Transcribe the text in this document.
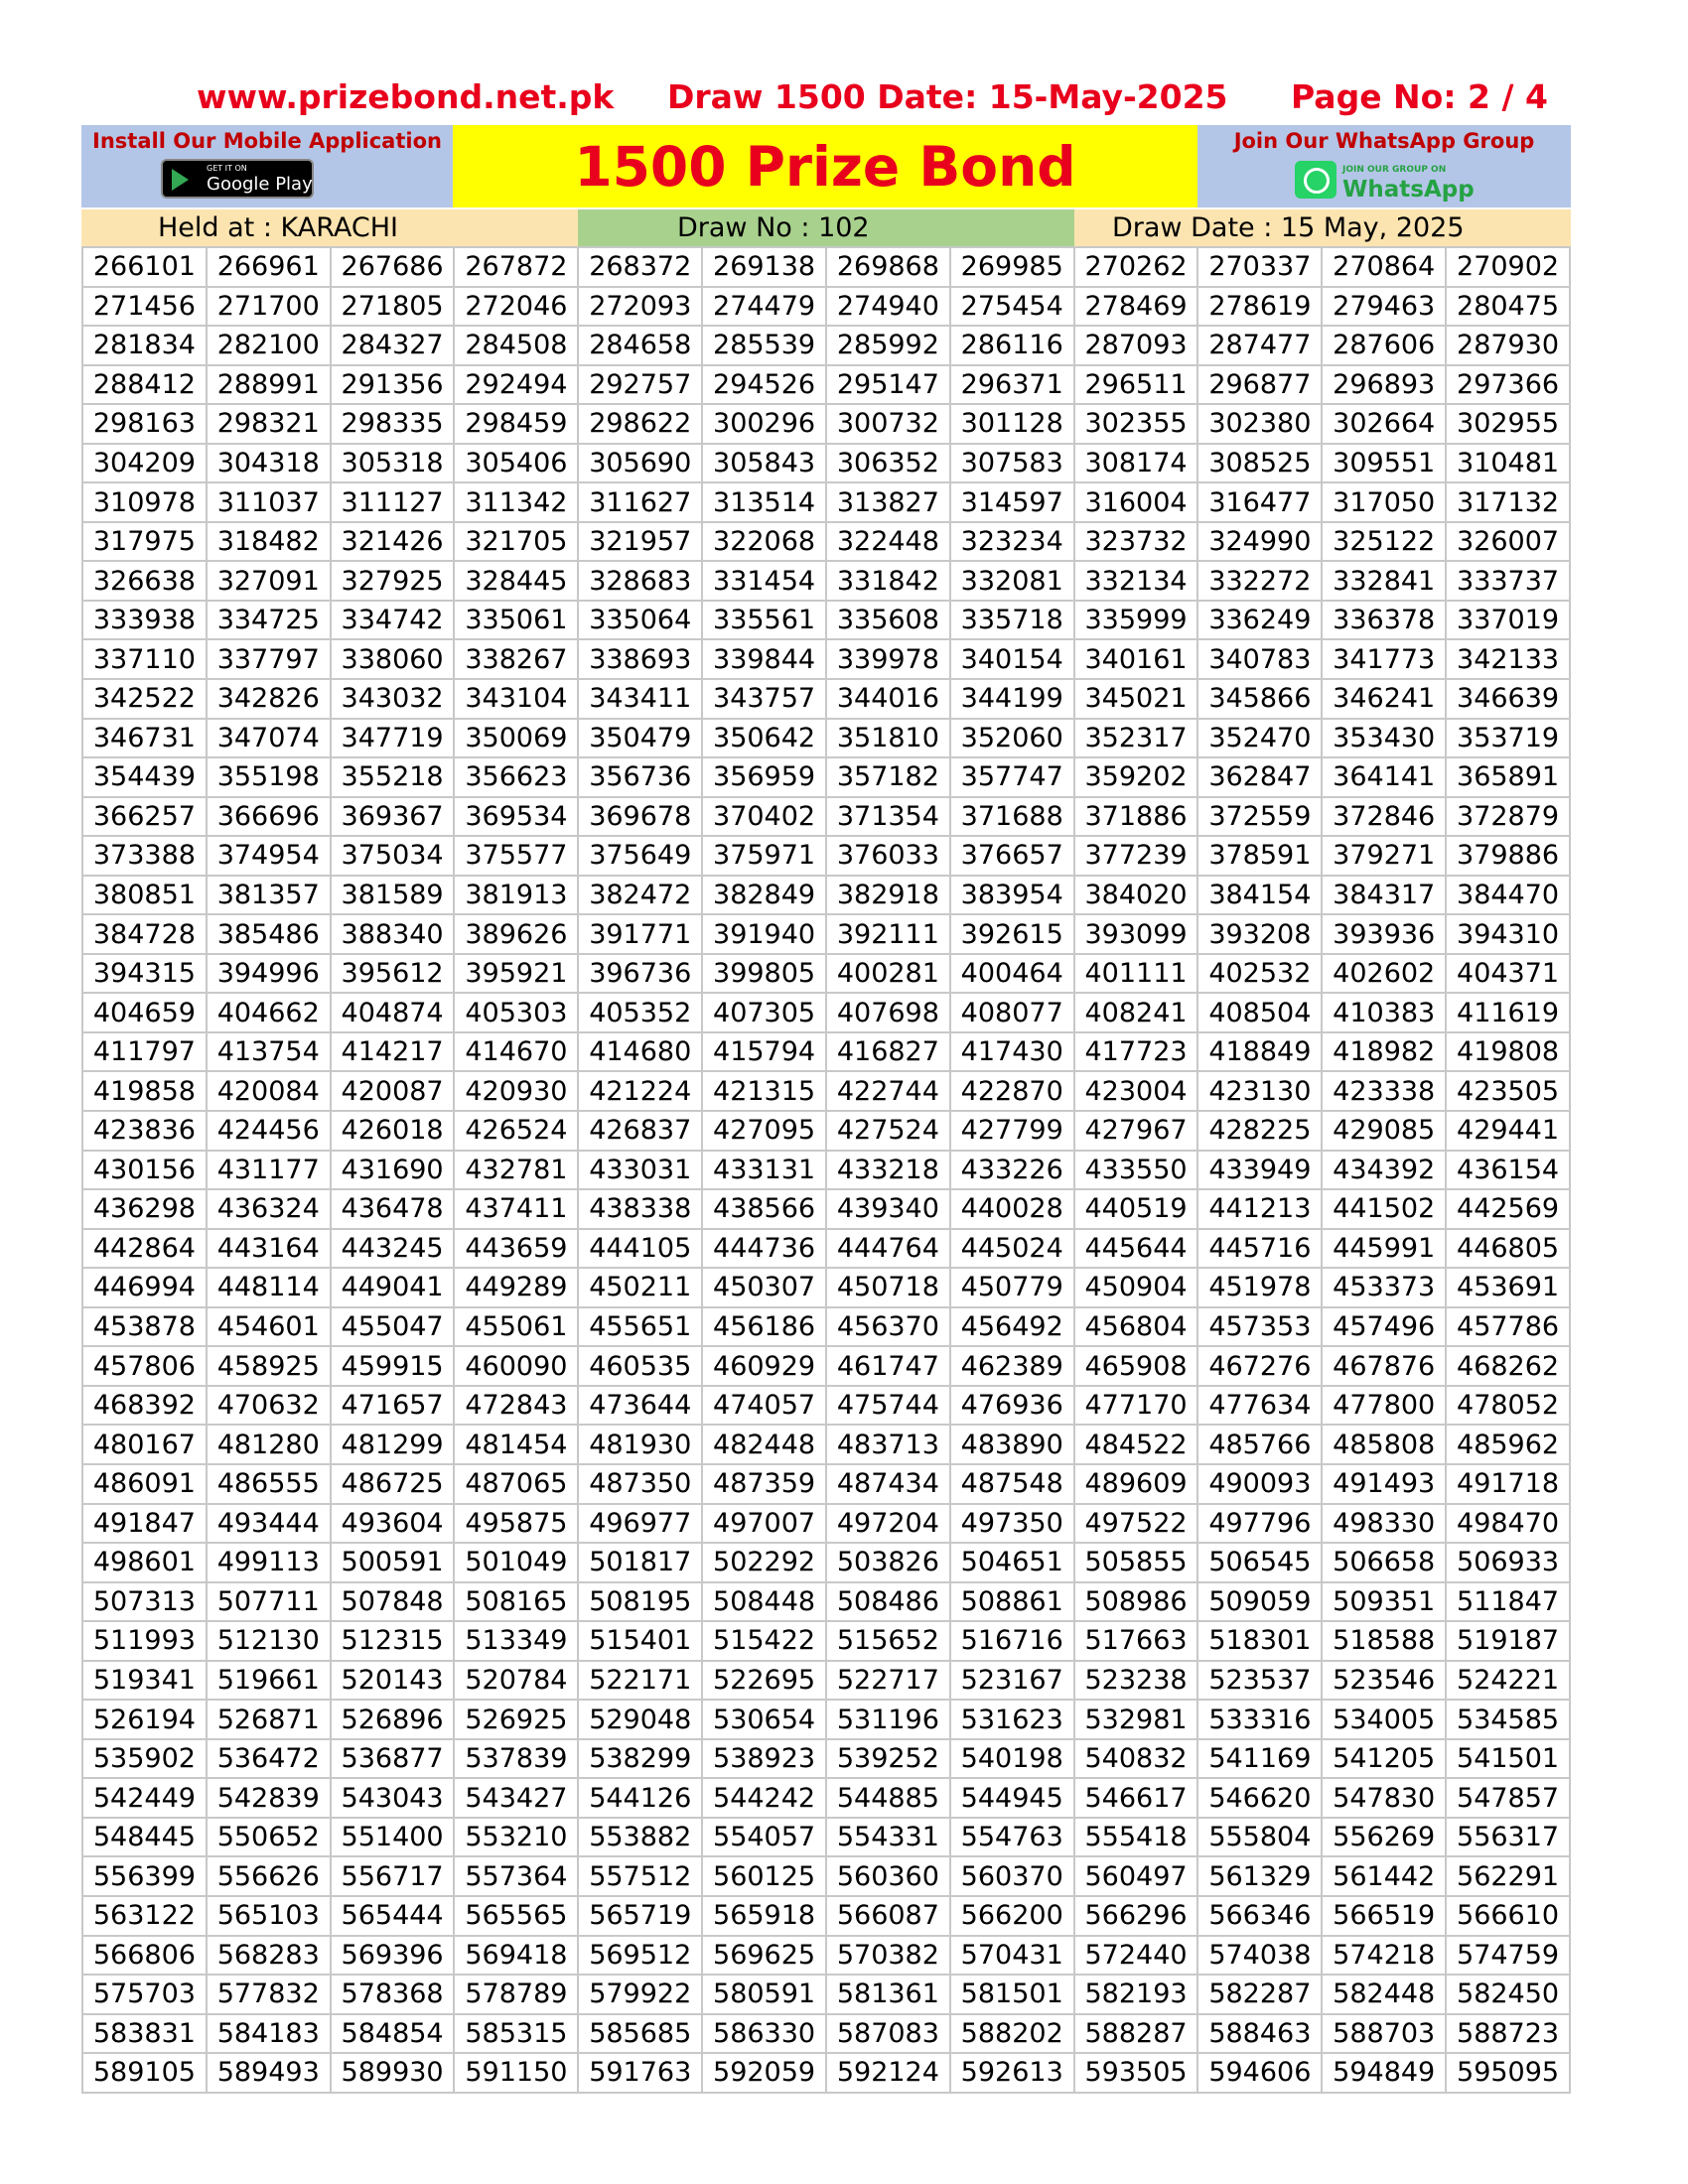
www.prizebond.net.pk Draw 1500 Date: 15-May-2025 Page No: 2 / 4
Install Our Mobile Application
GET IT ON
Google Play	1500 Prize Bond	Join Our WhatsApp Group
JOIN OUR GROUP ON
WhatsApp
Held at : KARACHI	Draw No : 102	Draw Date : 15 May, 2025
266101	266961	267686	267872	268372	269138	269868	269985	270262	270337	270864	270902
271456	271700	271805	272046	272093	274479	274940	275454	278469	278619	279463	280475
281834	282100	284327	284508	284658	285539	285992	286116	287093	287477	287606	287930
288412	288991	291356	292494	292757	294526	295147	296371	296511	296877	296893	297366
298163	298321	298335	298459	298622	300296	300732	301128	302355	302380	302664	302955
304209	304318	305318	305406	305690	305843	306352	307583	308174	308525	309551	310481
310978	311037	311127	311342	311627	313514	313827	314597	316004	316477	317050	317132
317975	318482	321426	321705	321957	322068	322448	323234	323732	324990	325122	326007
326638	327091	327925	328445	328683	331454	331842	332081	332134	332272	332841	333737
333938	334725	334742	335061	335064	335561	335608	335718	335999	336249	336378	337019
337110	337797	338060	338267	338693	339844	339978	340154	340161	340783	341773	342133
342522	342826	343032	343104	343411	343757	344016	344199	345021	345866	346241	346639
346731	347074	347719	350069	350479	350642	351810	352060	352317	352470	353430	353719
354439	355198	355218	356623	356736	356959	357182	357747	359202	362847	364141	365891
366257	366696	369367	369534	369678	370402	371354	371688	371886	372559	372846	372879
373388	374954	375034	375577	375649	375971	376033	376657	377239	378591	379271	379886
380851	381357	381589	381913	382472	382849	382918	383954	384020	384154	384317	384470
384728	385486	388340	389626	391771	391940	392111	392615	393099	393208	393936	394310
394315	394996	395612	395921	396736	399805	400281	400464	401111	402532	402602	404371
404659	404662	404874	405303	405352	407305	407698	408077	408241	408504	410383	411619
411797	413754	414217	414670	414680	415794	416827	417430	417723	418849	418982	419808
419858	420084	420087	420930	421224	421315	422744	422870	423004	423130	423338	423505
423836	424456	426018	426524	426837	427095	427524	427799	427967	428225	429085	429441
430156	431177	431690	432781	433031	433131	433218	433226	433550	433949	434392	436154
436298	436324	436478	437411	438338	438566	439340	440028	440519	441213	441502	442569
442864	443164	443245	443659	444105	444736	444764	445024	445644	445716	445991	446805
446994	448114	449041	449289	450211	450307	450718	450779	450904	451978	453373	453691
453878	454601	455047	455061	455651	456186	456370	456492	456804	457353	457496	457786
457806	458925	459915	460090	460535	460929	461747	462389	465908	467276	467876	468262
468392	470632	471657	472843	473644	474057	475744	476936	477170	477634	477800	478052
480167	481280	481299	481454	481930	482448	483713	483890	484522	485766	485808	485962
486091	486555	486725	487065	487350	487359	487434	487548	489609	490093	491493	491718
491847	493444	493604	495875	496977	497007	497204	497350	497522	497796	498330	498470
498601	499113	500591	501049	501817	502292	503826	504651	505855	506545	506658	506933
507313	507711	507848	508165	508195	508448	508486	508861	508986	509059	509351	511847
511993	512130	512315	513349	515401	515422	515652	516716	517663	518301	518588	519187
519341	519661	520143	520784	522171	522695	522717	523167	523238	523537	523546	524221
526194	526871	526896	526925	529048	530654	531196	531623	532981	533316	534005	534585
535902	536472	536877	537839	538299	538923	539252	540198	540832	541169	541205	541501
542449	542839	543043	543427	544126	544242	544885	544945	546617	546620	547830	547857
548445	550652	551400	553210	553882	554057	554331	554763	555418	555804	556269	556317
556399	556626	556717	557364	557512	560125	560360	560370	560497	561329	561442	562291
563122	565103	565444	565565	565719	565918	566087	566200	566296	566346	566519	566610
566806	568283	569396	569418	569512	569625	570382	570431	572440	574038	574218	574759
575703	577832	578368	578789	579922	580591	581361	581501	582193	582287	582448	582450
583831	584183	584854	585315	585685	586330	587083	588202	588287	588463	588703	588723
589105	589493	589930	591150	591763	592059	592124	592613	593505	594606	594849	595095
